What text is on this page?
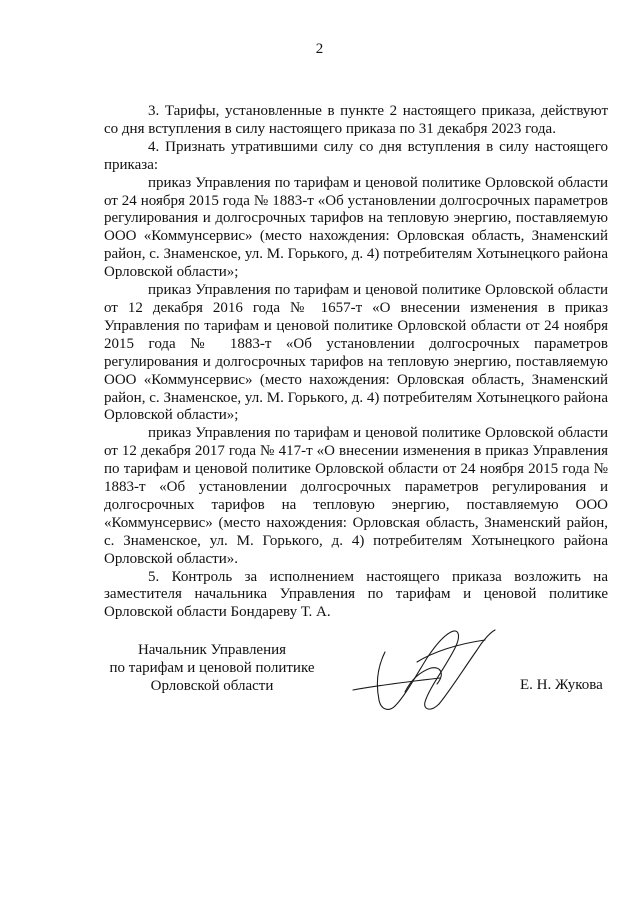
2

3. Тарифы, установленные в пункте 2 настоящего приказа, действуют со дня вступления в силу настоящего приказа по 31 декабря 2023 года.

4. Признать утратившими силу со дня вступления в силу настоящего приказа:

приказ Управления по тарифам и ценовой политике Орловской области от 24 ноября 2015 года № 1883-т «Об установлении долгосрочных параметров регулирования и долгосрочных тарифов на тепловую энергию, поставляемую ООО «Коммунсервис» (место нахождения: Орловская область, Знаменский район, с. Знаменское, ул. М. Горького, д. 4) потребителям Хотынецкого района Орловской области»;

приказ Управления по тарифам и ценовой политике Орловской области от 12 декабря 2016 года № 1657-т «О внесении изменения в приказ Управления по тарифам и ценовой политике Орловской области от 24 ноября 2015 года № 1883-т «Об установлении долгосрочных параметров регулирования и долгосрочных тарифов на тепловую энергию, поставляемую ООО «Коммунсервис» (место нахождения: Орловская область, Знаменский район, с. Знаменское, ул. М. Горького, д. 4) потребителям Хотынецкого района Орловской области»;

приказ Управления по тарифам и ценовой политике Орловской области от 12 декабря 2017 года № 417-т «О внесении изменения в приказ Управления по тарифам и ценовой политике Орловской области от 24 ноября 2015 года № 1883-т «Об установлении долгосрочных параметров регулирования и долгосрочных тарифов на тепловую энергию, поставляемую ООО «Коммунсервис» (место нахождения: Орловская область, Знаменский район, с. Знаменское, ул. М. Горького, д. 4) потребителям Хотынецкого района Орловской области».

5. Контроль за исполнением настоящего приказа возложить на заместителя начальника Управления по тарифам и ценовой политике Орловской области Бондареву Т. А.

Начальник Управления
по тарифам и ценовой политике
Орловской области	Е. Н. Жукова
